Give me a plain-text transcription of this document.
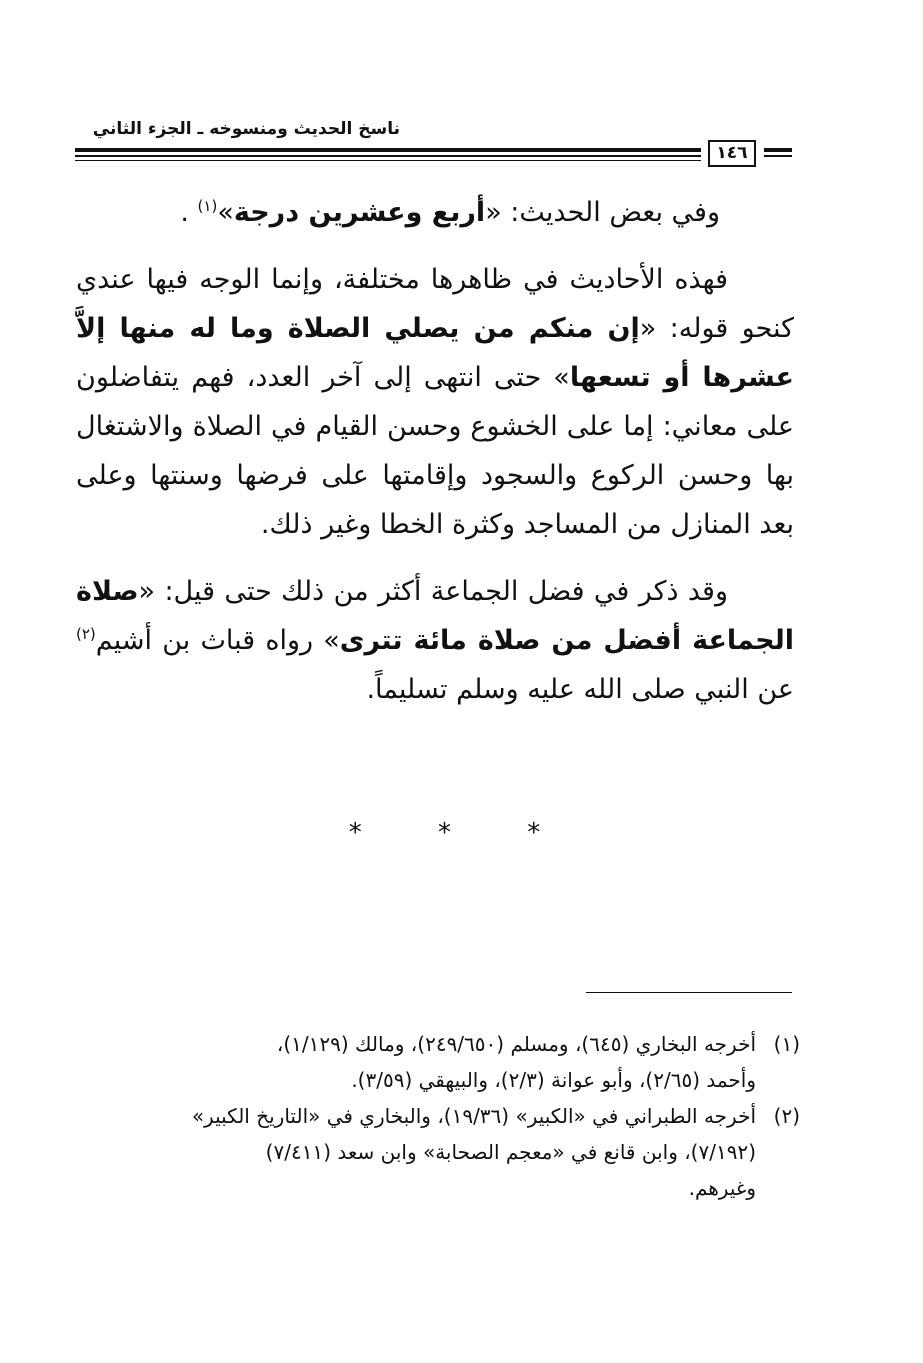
ناسخ الحديث ومنسوخه ـ الجزء الثاني
١٤٦

وفي بعض الحديث: «أربع وعشرين درجة»$^{(١)}$ .

فهذه الأحاديث في ظاهرها مختلفة، وإنما الوجه فيها عندي كنحو قوله: «إن منكم من يصلي الصلاة وما له منها إلاَّ عشرها أو تسعها» حتى انتهى إلى آخر العدد، فهم يتفاضلون على معاني: إما على الخشوع وحسن القيام في الصلاة والاشتغال بها وحسن الركوع والسجود وإقامتها على فرضها وسنتها وعلى بعد المنازل من المساجد وكثرة الخطا وغير ذلك.

وقد ذكر في فضل الجماعة أكثر من ذلك حتى قيل: «صلاة الجماعة أفضل من صلاة مائة تترى» رواه قباث بن أشيم$^{(٢)}$ عن النبي صلى الله عليه وسلم تسليماً.

* * *
(١)
أخرجه البخاري (٦٤٥)، ومسلم (٢٤٩/٦٥٠)، ومالك (١/١٢٩)،
وأحمد (٢/٦٥)، وأبو عوانة (٢/٣)، والبيهقي (٣/٥٩).
(٢)
أخرجه الطبراني في «الكبير» (١٩/٣٦)، والبخاري في «التاريخ الكبير»
(٧/١٩٢)، وابن قانع في «معجم الصحابة» وابن سعد (٧/٤١١)
وغيرهم.
